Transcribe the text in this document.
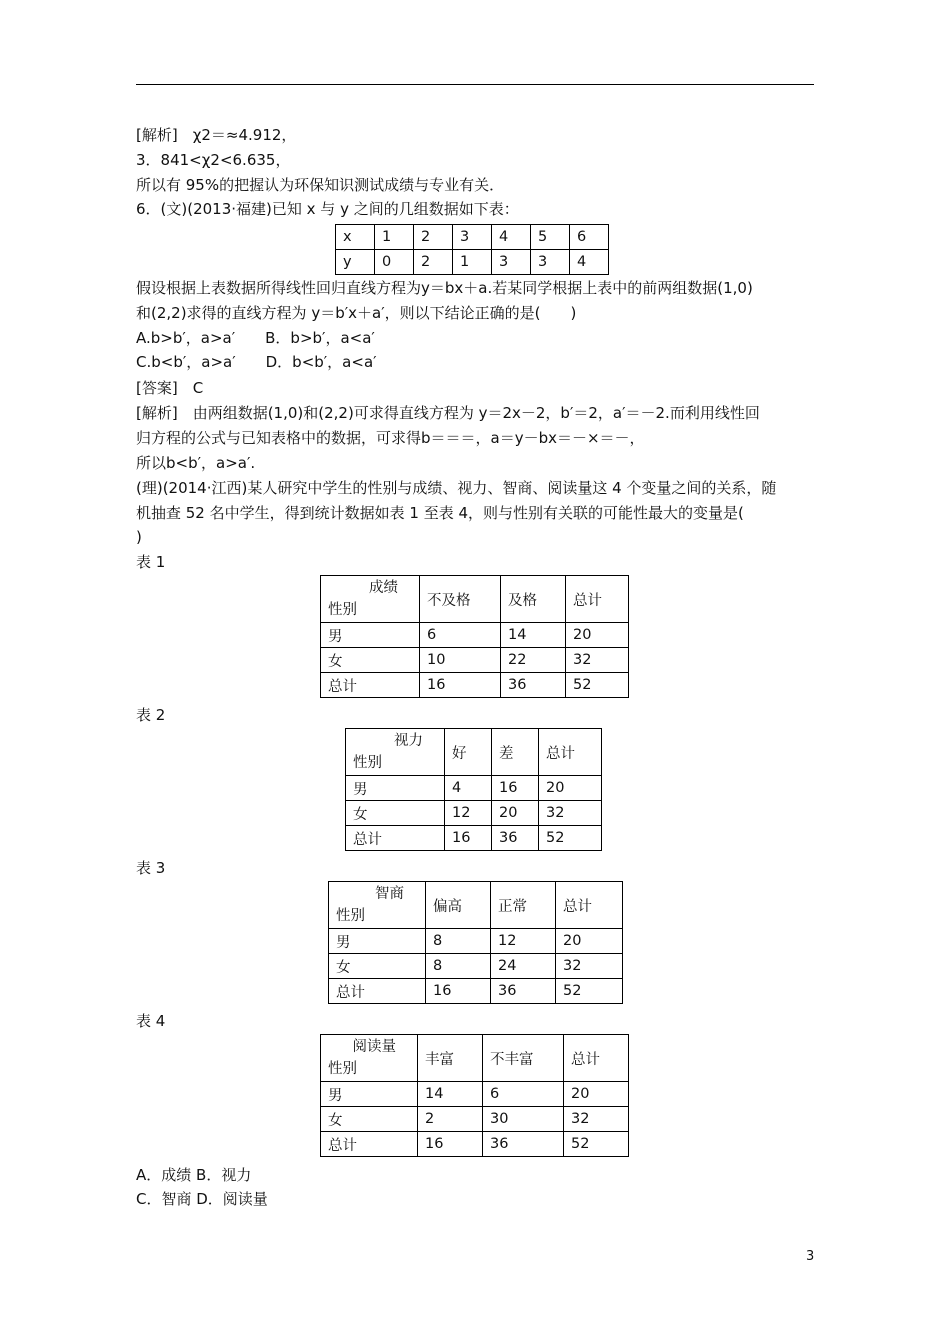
[解析]　χ2＝≈4.912，
3．841<χ2<6.635，
所以有 95%的把握认为环保知识测试成绩与专业有关．
6．(文)(2013·福建)已知 x 与 y 之间的几组数据如下表：
x	1	2	3	4	5	6
y	0	2	1	3	3	4
假设根据上表数据所得线性回归直线方程为y＝bx＋a.若某同学根据上表中的前两组数据(1,0)
和(2,2)求得的直线方程为 y＝b′x＋a′，则以下结论正确的是(　　)
A.b>b′，a>a′　　B．b>b′，a<a′
C.b<b′，a>a′　　D．b<b′，a<a′
[答案]　C
[解析]　由两组数据(1,0)和(2,2)可求得直线方程为 y＝2x－2，b′＝2，a′＝－2.而利用线性回
归方程的公式与已知表格中的数据，可求得b＝＝＝，a＝y－bx＝－×＝－，
所以b<b′，a>a′.
(理)(2014·江西)某人研究中学生的性别与成绩、视力、智商、阅读量这 4 个变量之间的关系，随
机抽查 52 名中学生，得到统计数据如表 1 至表 4，则与性别有关联的可能性最大的变量是(
)
表 1
成绩
性别	不及格	及格	总计
男	6	14	20
女	10	22	32
总计	16	36	52
表 2
视力
性别	好	差	总计
男	4	16	20
女	12	20	32
总计	16	36	52
表 3
智商
性别	偏高	正常	总计
男	8	12	20
女	8	24	32
总计	16	36	52
表 4
阅读量
性别	丰富	不丰富	总计
男	14	6	20
女	2	30	32
总计	16	36	52
A．成绩 B．视力
C．智商 D．阅读量
3
